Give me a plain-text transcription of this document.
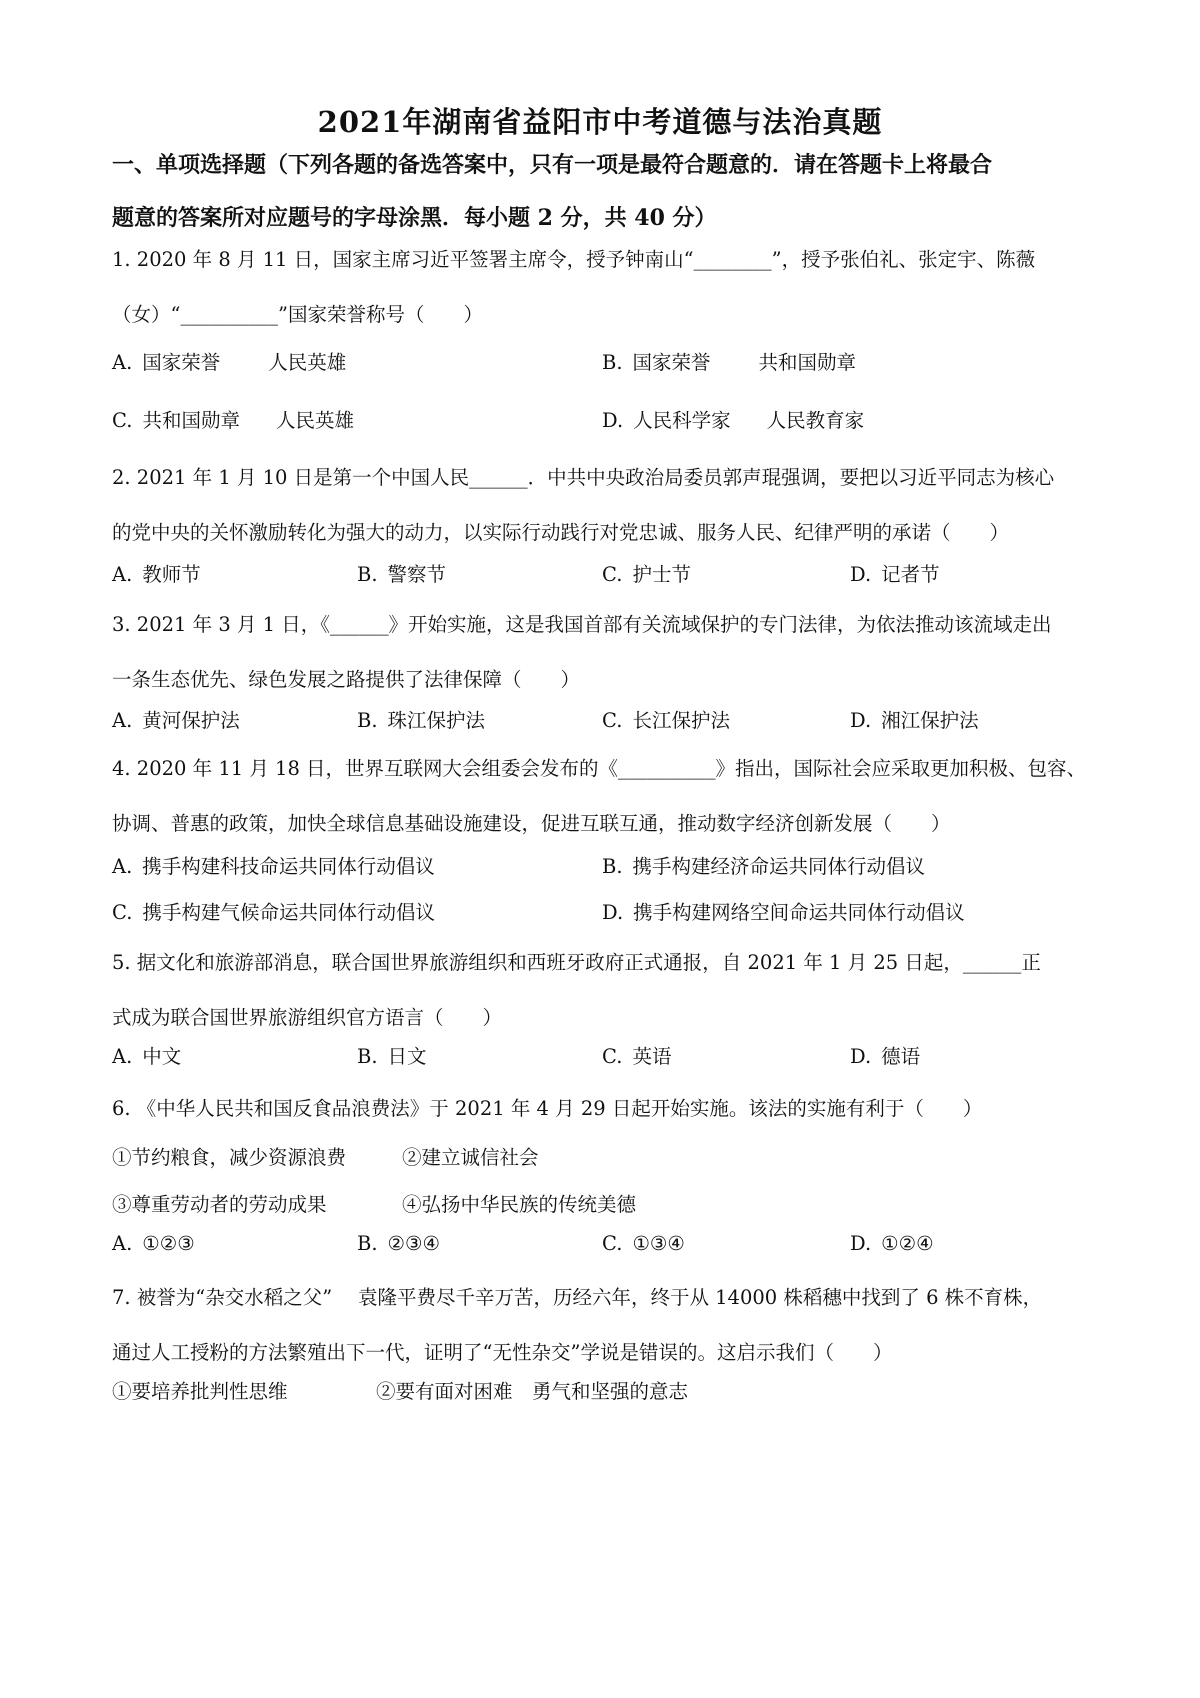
2021年湖南省益阳市中考道德与法治真题
一、单项选择题（下列各题的备选答案中，只有一项是最符合题意的．请在答题卡上将最合
题意的答案所对应题号的字母涂黑．每小题 2 分，共 40 分）
1. 2020 年 8 月 11 日，国家主席习近平签署主席令，授予钟南山“________”，授予张伯礼、张定宇、陈薇
（女）“__________”国家荣誉称号（　　）
A. 国家荣誉 人民英雄	B. 国家荣誉 共和国勋章
C. 共和国勋章 人民英雄	D. 人民科学家 人民教育家
2. 2021 年 1 月 10 日是第一个中国人民______．中共中央政治局委员郭声琨强调，要把以习近平同志为核心
的党中央的关怀激励转化为强大的动力，以实际行动践行对党忠诚、服务人民、纪律严明的承诺（　　）
A. 教师节	B. 警察节	C. 护士节	D. 记者节
3. 2021 年 3 月 1 日，《______》开始实施，这是我国首部有关流域保护的专门法律，为依法推动该流域走出
一条生态优先、绿色发展之路提供了法律保障（　　）
A. 黄河保护法	B. 珠江保护法	C. 长江保护法	D. 湘江保护法
4. 2020 年 11 月 18 日，世界互联网大会组委会发布的《__________》指出，国际社会应采取更加积极、包容、
协调、普惠的政策，加快全球信息基础设施建设，促进互联互通，推动数字经济创新发展（　　）
A. 携手构建科技命运共同体行动倡议	B. 携手构建经济命运共同体行动倡议
C. 携手构建气候命运共同体行动倡议	D. 携手构建网络空间命运共同体行动倡议
5. 据文化和旅游部消息，联合国世界旅游组织和西班牙政府正式通报，自 2021 年 1 月 25 日起，______正
式成为联合国世界旅游组织官方语言（　　）
A. 中文	B. 日文	C. 英语	D. 德语
6. 《中华人民共和国反食品浪费法》于 2021 年 4 月 29 日起开始实施。该法的实施有利于（　　）
①节约粮食，减少资源浪费	②建立诚信社会
③尊重劳动者的劳动成果	④弘扬中华民族的传统美德
A. ①②③	B. ②③④	C. ①③④	D. ①②④
7. 被誉为“杂交水稻之父”　 袁隆平费尽千辛万苦，历经六年，终于从 14000 株稻穗中找到了 6 株不育株，
通过人工授粉的方法繁殖出下一代，证明了“无性杂交”学说是错误的。这启示我们（　　）
①要培养批判性思维	②要有面对困难　勇气和坚强的意志
